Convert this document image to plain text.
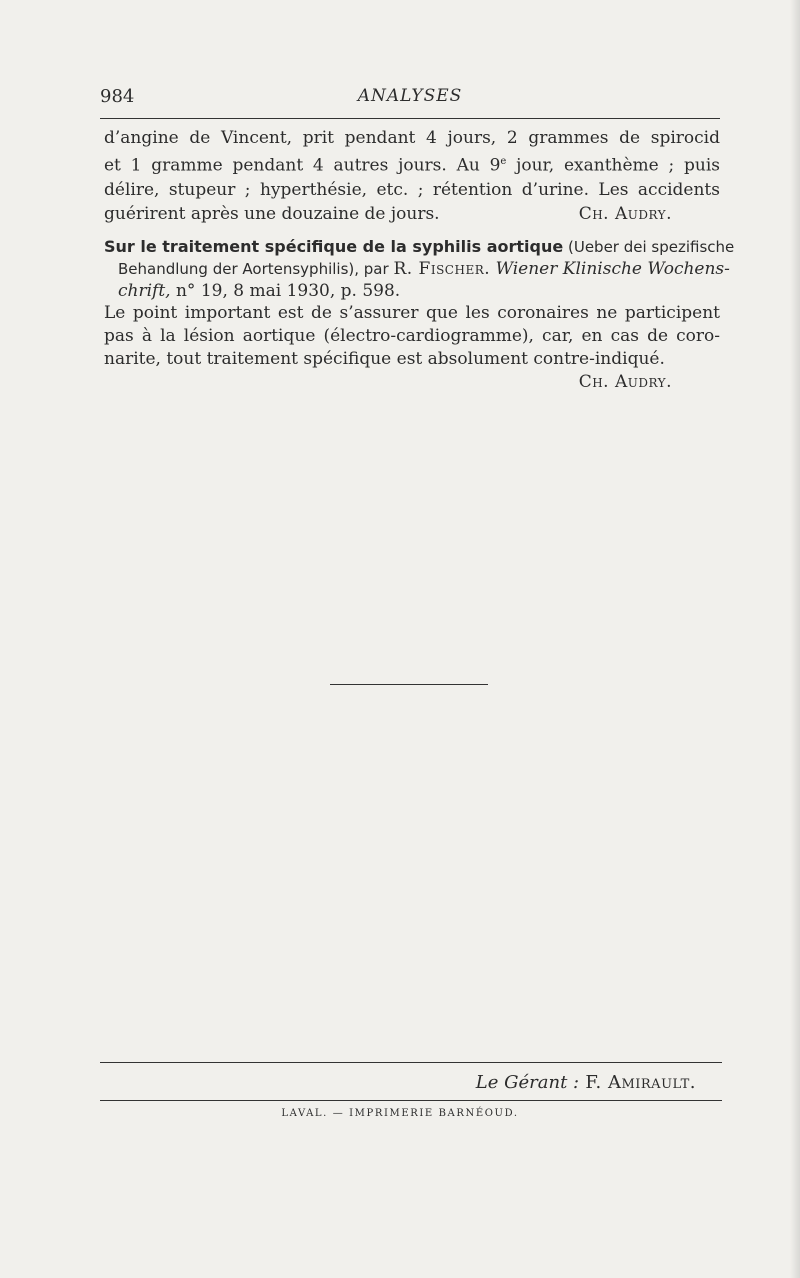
984	ANALYSES
d’angine de Vincent, prit pendant 4 jours, 2 grammes de spirocid
et 1 gramme pendant 4 autres jours. Au 9e jour, exanthème ; puis
délire, stupeur ; hyperthésie, etc. ; rétention d’urine. Les accidents
guérirent après une douzaine de jours.	Ch. Audry.
Sur le traitement spécifique de la syphilis aortique (Ueber dei spezifische
Behandlung der Aortensyphilis), par R. Fischer. Wiener Klinische Wochens-
chrift, n° 19, 8 mai 1930, p. 598.
Le point important est de s’assurer que les coronaires ne participent
pas à la lésion aortique (électro-cardiogramme), car, en cas de coro-
narite, tout traitement spécifique est absolument contre-indiqué.
Ch. Audry.
Le Gérant : F. Amirault.
LAVAL. — IMPRIMERIE BARNÉOUD.
